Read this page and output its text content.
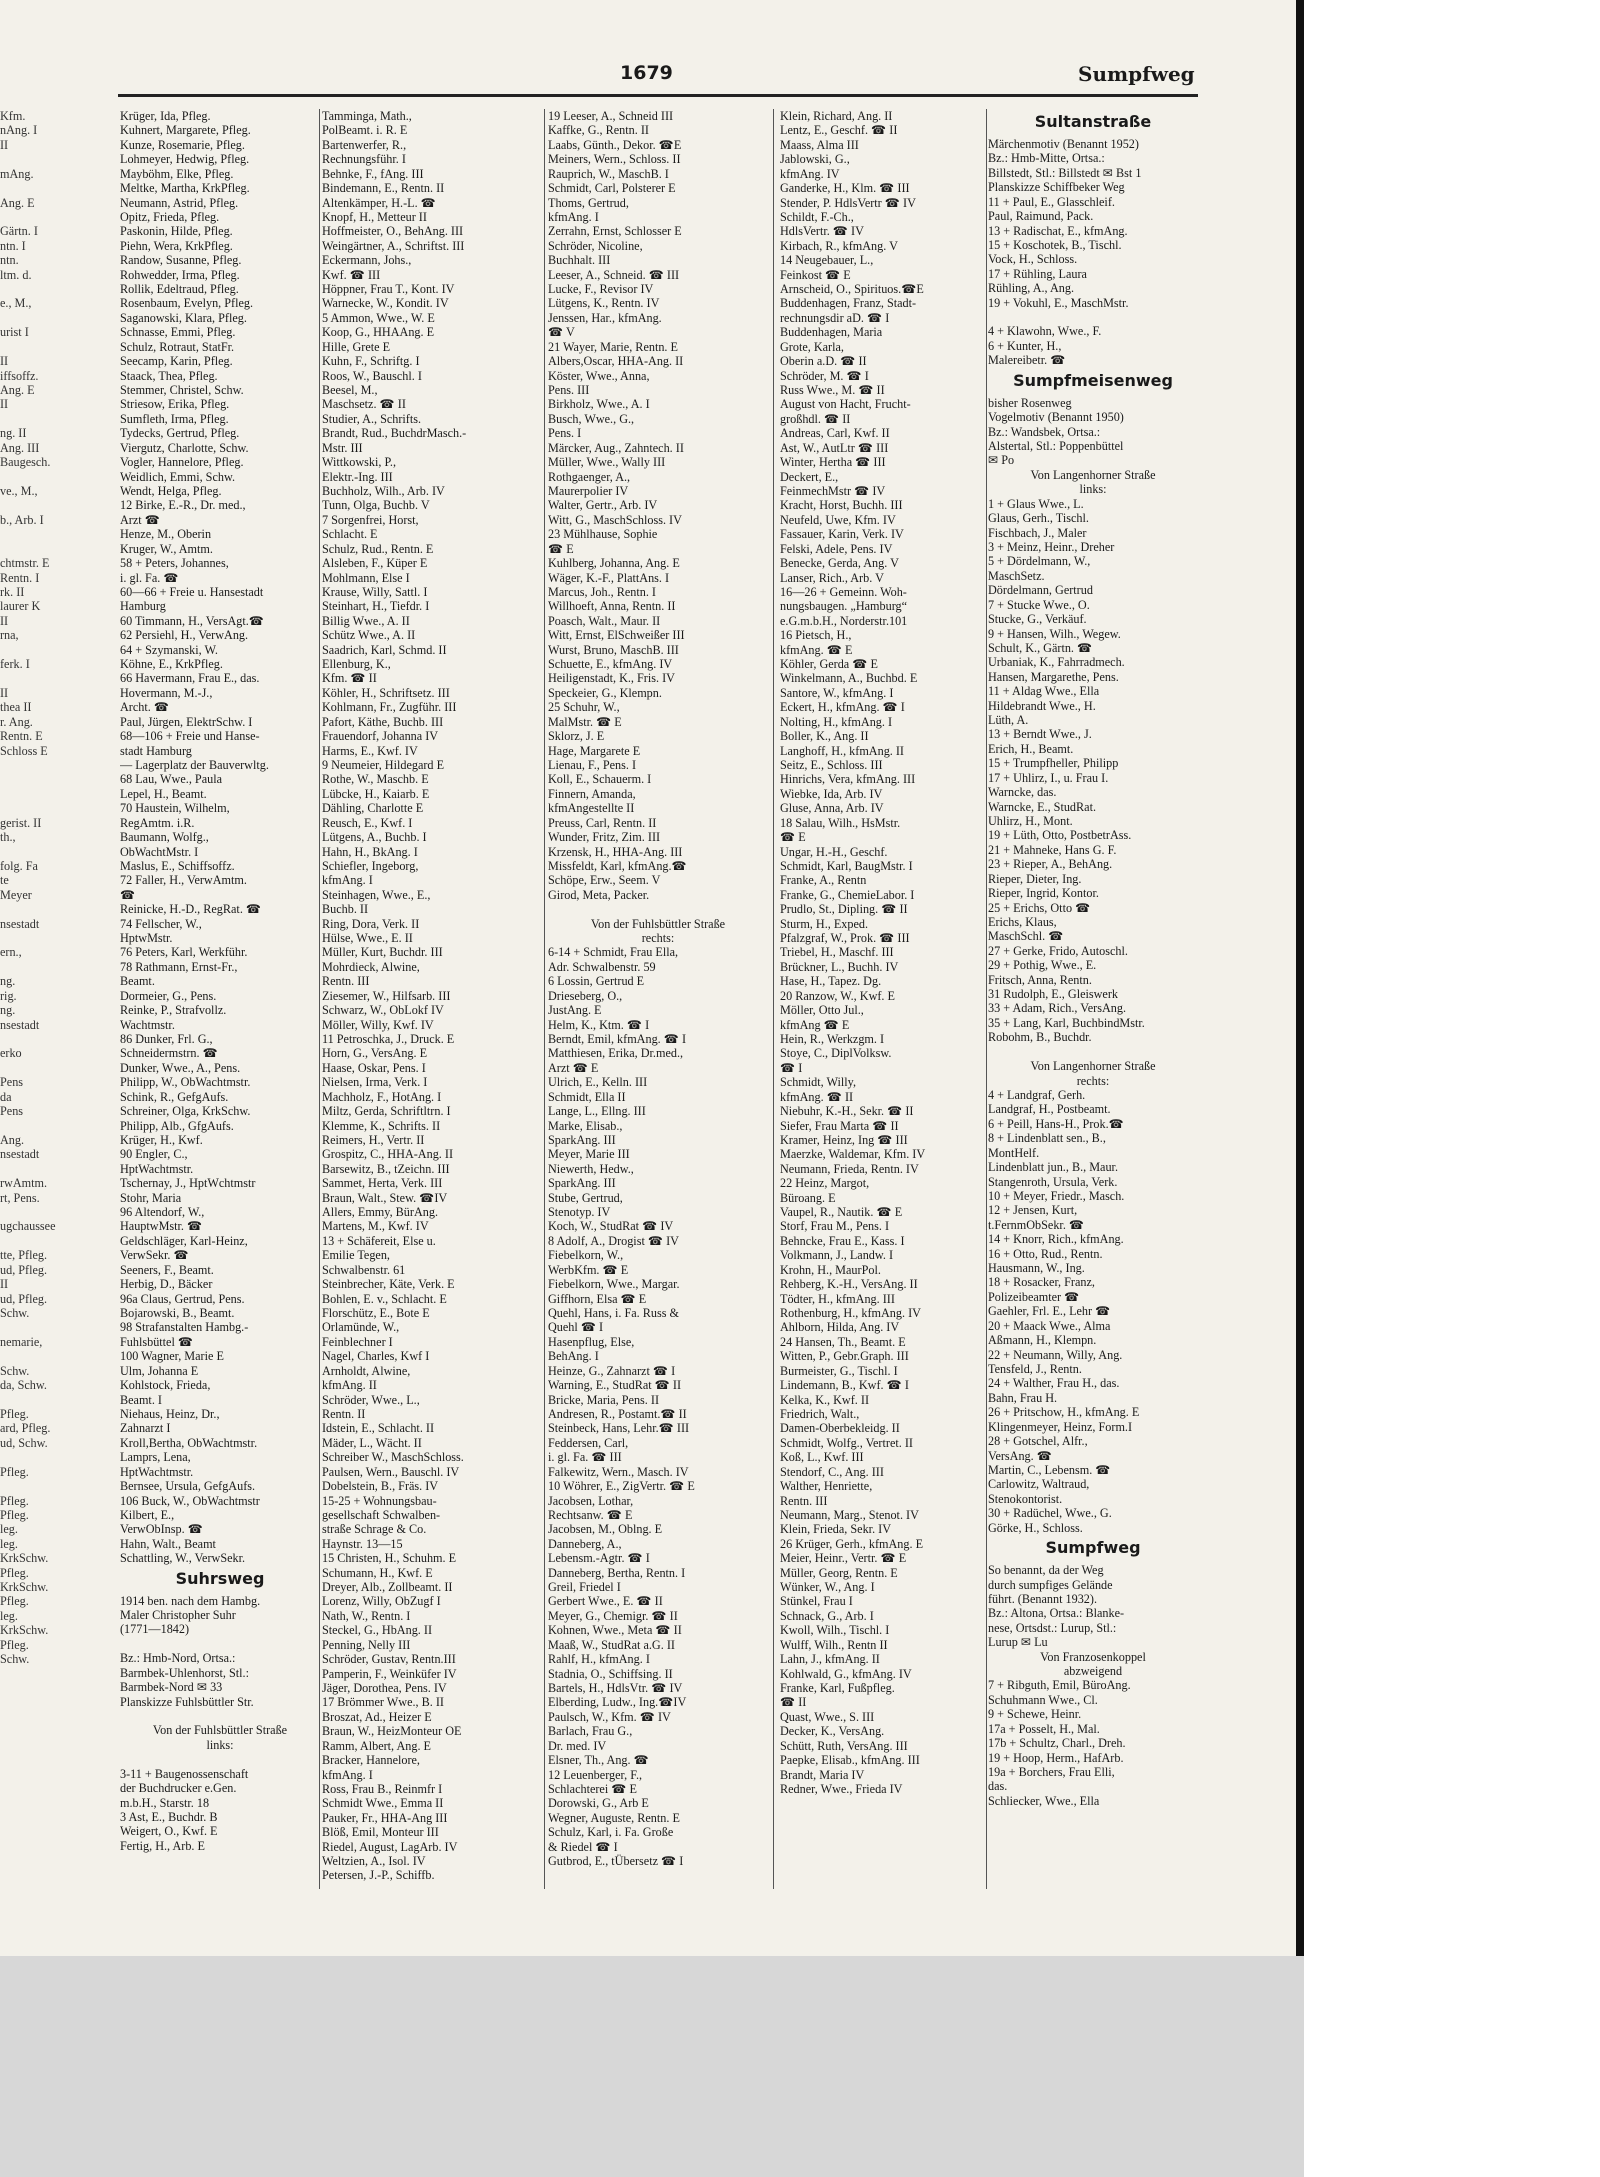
1679	Sumpfweg
Kfm.
nAng. I
II

mAng.

Ang. E

Gärtn. I
ntn. I
ntn.
ltm. d.

e., M.,

urist I

II
iffsoffz.
Ang. E
II

ng. II
Ang. III
Baugesch.

ve., M.,

b., Arb. I

chtmstr. E
Rentn. I
rk. II
laurer K
II
rna,

ferk. I

II
thea II
r. Ang.
Rentn. E
Schloss E

gerist. II
th.,

folg. Fa
te
Meyer

nsestadt

ern.,

ng.
rig.
ng.
nsestadt

erko

Pens
da
Pens

Ang.
nsestadt

rwAmtm.
rt, Pens.

ugchaussee

tte, Pfleg.
ud, Pfleg.
II
ud, Pfleg.
Schw.

nemarie,

Schw.
da, Schw.

Pfleg.
ard, Pfleg.
ud, Schw.

Pfleg.

Pfleg.
Pfleg.
leg.
leg.
KrkSchw.
Pfleg.
KrkSchw.
Pfleg.
leg.
KrkSchw.
Pfleg.
Schw.
Krüger, Ida, Pfleg.
Kuhnert, Margarete, Pfleg.
Kunze, Rosemarie, Pfleg.
Lohmeyer, Hedwig, Pfleg.
Mayböhm, Elke, Pfleg.
Meltke, Martha, KrkPfleg.
Neumann, Astrid, Pfleg.
Opitz, Frieda, Pfleg.
Paskonin, Hilde, Pfleg.
Piehn, Wera, KrkPfleg.
Randow, Susanne, Pfleg.
Rohwedder, Irma, Pfleg.
Rollik, Edeltraud, Pfleg.
Rosenbaum, Evelyn, Pfleg.
Saganowski, Klara, Pfleg.
Schnasse, Emmi, Pfleg.
Schulz, Rotraut, StatFr.
Seecamp, Karin, Pfleg.
Staack, Thea, Pfleg.
Stemmer, Christel, Schw.
Striesow, Erika, Pfleg.
Sumfleth, Irma, Pfleg.
Tydecks, Gertrud, Pfleg.
Viergutz, Charlotte, Schw.
Vogler, Hannelore, Pfleg.
Weidlich, Emmi, Schw.
Wendt, Helga, Pfleg.
12 Birke, E.-R., Dr. med.,
Arzt ☎
Henze, M., Oberin
Kruger, W., Amtm.
58 + Peters, Johannes,
i. gl. Fa. ☎
60—66 + Freie u. Hansestadt
Hamburg
60 Timmann, H., VersAgt.☎
62 Persiehl, H., VerwAng.
64 + Szymanski, W.
Köhne, E., KrkPfleg.
66 Havermann, Frau E., das.
Hovermann, M.-J.,
Archt. ☎
Paul, Jürgen, ElektrSchw. I
68—106 + Freie und Hanse-
stadt Hamburg
— Lagerplatz der Bauverwltg.
68 Lau, Wwe., Paula
Lepel, H., Beamt.
70 Haustein, Wilhelm,
RegAmtm. i.R.
Baumann, Wolfg.,
ObWachtMstr. I
Maslus, E., Schiffsoffz.
72 Faller, H., VerwAmtm.
☎
Reinicke, H.-D., RegRat. ☎
74 Fellscher, W.,
HptwMstr.
76 Peters, Karl, Werkführ.
78 Rathmann, Ernst-Fr.,
Beamt.
Dormeier, G., Pens.
Reinke, P., Strafvollz.
Wachtmstr.
86 Dunker, Frl. G.,
Schneidermstrn. ☎
Dunker, Wwe., A., Pens.
Philipp, W., ObWachtmstr.
Schink, R., GefgAufs.
Schreiner, Olga, KrkSchw.
Philipp, Alb., GfgAufs.
Krüger, H., Kwf.
90 Engler, C.,
HptWachtmstr.
Tschernay, J., HptWchtmstr
Stohr, Maria
96 Altendorf, W.,
HauptwMstr. ☎
Geldschläger, Karl-Heinz,
VerwSekr. ☎
Seeners, F., Beamt.
Herbig, D., Bäcker
96a Claus, Gertrud, Pens.
Bojarowski, B., Beamt.
98 Strafanstalten Hambg.-
Fuhlsbüttel ☎
100 Wagner, Marie E
Ulm, Johanna E
Kohlstock, Frieda,
Beamt. I
Niehaus, Heinz, Dr.,
Zahnarzt I
Kroll,Bertha, ObWachtmstr.
Lamprs, Lena,
HptWachtmstr.
Bernsee, Ursula, GefgAufs.
106 Buck, W., ObWachtmstr
Kilbert, E.,
VerwObInsp. ☎
Hahn, Walt., Beamt
Schattling, W., VerwSekr.
Suhrsweg
1914 ben. nach dem Hambg.
Maler Christopher Suhr
(1771—1842)

Bz.: Hmb-Nord, Ortsa.:
Barmbek-Uhlenhorst, Stl.:
Barmbek-Nord ✉ 33
Planskizze Fuhlsbüttler Str.

Von der Fuhlsbüttler Straße
links:

3-11 + Baugenossenschaft
der Buchdrucker e.Gen.
m.b.H., Starstr. 18
3 Ast, E., Buchdr. B
Weigert, O., Kwf. E
Fertig, H., Arb. E
Tamminga, Math.,
PolBeamt. i. R. E
Bartenwerfer, R.,
Rechnungsführ. I
Behnke, F., fAng. III
Bindemann, E., Rentn. II
Altenkämper, H.-L. ☎
Knopf, H., Metteur II
Hoffmeister, O., BehAng. III
Weingärtner, A., Schriftst. III
Eckermann, Johs.,
Kwf. ☎ III
Höppner, Frau T., Kont. IV
Warnecke, W., Kondit. IV
5 Ammon, Wwe., W. E
Koop, G., HHAAng. E
Hille, Grete E
Kuhn, F., Schriftg. I
Roos, W., Bauschl. I
Beesel, M.,
Maschsetz. ☎ II
Studier, A., Schrifts.
Brandt, Rud., BuchdrMasch.-
Mstr. III
Wittkowski, P.,
Elektr.-Ing. III
Buchholz, Wilh., Arb. IV
Tunn, Olga, Buchb. V
7 Sorgenfrei, Horst,
Schlacht. E
Schulz, Rud., Rentn. E
Alsleben, F., Küper E
Mohlmann, Else I
Krause, Willy, Sattl. I
Steinhart, H., Tiefdr. I
Billig Wwe., A. II
Schütz Wwe., A. II
Saadrich, Karl, Schmd. II
Ellenburg, K.,
Kfm. ☎ II
Köhler, H., Schriftsetz. III
Kohlmann, Fr., Zugführ. III
Pafort, Käthe, Buchb. III
Frauendorf, Johanna IV
Harms, E., Kwf. IV
9 Neumeier, Hildegard E
Rothe, W., Maschb. E
Lübcke, H., Kaiarb. E
Dähling, Charlotte E
Reusch, E., Kwf. I
Lütgens, A., Buchb. I
Hahn, H., BkAng. I
Schiefler, Ingeborg,
kfmAng. I
Steinhagen, Wwe., E.,
Buchb. II
Ring, Dora, Verk. II
Hülse, Wwe., E. II
Müller, Kurt, Buchdr. III
Mohrdieck, Alwine,
Rentn. III
Ziesemer, W., Hilfsarb. III
Schwarz, W., ObLokf IV
Möller, Willy, Kwf. IV
11 Petroschka, J., Druck. E
Horn, G., VersAng. E
Haase, Oskar, Pens. I
Nielsen, Irma, Verk. I
Machholz, F., HotAng. I
Miltz, Gerda, Schriftltrn. I
Klemme, K., Schrifts. II
Reimers, H., Vertr. II
Grospitz, C., HHA-Ang. II
Barsewitz, B., tZeichn. III
Sammet, Herta, Verk. III
Braun, Walt., Stew. ☎IV
Allers, Emmy, BürAng.
Martens, M., Kwf. IV
13 + Schäfereit, Else u.
Emilie Tegen,
Schwalbenstr. 61
Steinbrecher, Käte, Verk. E
Bohlen, E. v., Schlacht. E
Florschütz, E., Bote E
Orlamünde, W.,
Feinblechner I
Nagel, Charles, Kwf I
Arnholdt, Alwine,
kfmAng. II
Schröder, Wwe., L.,
Rentn. II
Idstein, E., Schlacht. II
Mäder, L., Wächt. II
Schreiber W., MaschSchloss.
Paulsen, Wern., Bauschl. IV
Dobelstein, B., Fräs. IV
15-25 + Wohnungsbau-
gesellschaft Schwalben-
straße Schrage & Co.
Haynstr. 13—15
15 Christen, H., Schuhm. E
Schumann, H., Kwf. E
Dreyer, Alb., Zollbeamt. II
Lorenz, Willy, ObZugf I
Nath, W., Rentn. I
Steckel, G., HbAng. II
Penning, Nelly III
Schröder, Gustav, Rentn.III
Pamperin, F., Weinküfer IV
Jäger, Dorothea, Pens. IV
17 Brömmer Wwe., B. II
Broszat, Ad., Heizer E
Braun, W., HeizMonteur OE
Ramm, Albert, Ang. E
Bracker, Hannelore,
kfmAng. I
Ross, Frau B., Reinmfr I
Schmidt Wwe., Emma II
Pauker, Fr., HHA-Ang III
Blöß, Emil, Monteur III
Riedel, August, LagArb. IV
Weltzien, A., Isol. IV
Petersen, J.-P., Schiffb.
19 Leeser, A., Schneid III
Kaffke, G., Rentn. II
Laabs, Günth., Dekor. ☎E
Meiners, Wern., Schloss. II
Rauprich, W., MaschB. I
Schmidt, Carl, Polsterer E
Thoms, Gertrud,
kfmAng. I
Zerrahn, Ernst, Schlosser E
Schröder, Nicoline,
Buchhalt. III
Leeser, A., Schneid. ☎ III
Lucke, F., Revisor IV
Lütgens, K., Rentn. IV
Jenssen, Har., kfmAng.
☎ V
21 Wayer, Marie, Rentn. E
Albers,Oscar, HHA-Ang. II
Köster, Wwe., Anna,
Pens. III
Birkholz, Wwe., A. I
Busch, Wwe., G.,
Pens. I
Märcker, Aug., Zahntech. II
Müller, Wwe., Wally III
Rothgaenger, A.,
Maurerpolier IV
Walter, Gertr., Arb. IV
Witt, G., MaschSchloss. IV
23 Mühlhause, Sophie
☎ E
Kuhlberg, Johanna, Ang. E
Wäger, K.-F., PlattAns. I
Marcus, Joh., Rentn. I
Willhoeft, Anna, Rentn. II
Poasch, Walt., Maur. II
Witt, Ernst, ElSchweißer III
Wurst, Bruno, MaschB. III
Schuette, E., kfmAng. IV
Heiligenstadt, K., Fris. IV
Speckeier, G., Klempn.
25 Schuhr, W.,
MalMstr. ☎ E
Sklorz, J. E
Hage, Margarete E
Lienau, F., Pens. I
Koll, E., Schauerm. I
Finnern, Amanda,
kfmAngestellte II
Preuss, Carl, Rentn. II
Wunder, Fritz, Zim. III
Krzensk, H., HHA-Ang. III
Missfeldt, Karl, kfmAng.☎
Schöpe, Erw., Seem. V
Girod, Meta, Packer.

Von der Fuhlsbüttler Straße
rechts:
6-14 + Schmidt, Frau Ella,
Adr. Schwalbenstr. 59
6 Lossin, Gertrud E
Drieseberg, O.,
JustAng. E
Helm, K., Ktm. ☎ I
Berndt, Emil, kfmAng. ☎ I
Matthiesen, Erika, Dr.med.,
Arzt ☎ E
Ulrich, E., Kelln. III
Schmidt, Ella II
Lange, L., Ellng. III
Marke, Elisab.,
SparkAng. III
Meyer, Marie III
Niewerth, Hedw.,
SparkAng. III
Stube, Gertrud,
Stenotyp. IV
Koch, W., StudRat ☎ IV
8 Adolf, A., Drogist ☎ IV
Fiebelkorn, W.,
WerbKfm. ☎ E
Fiebelkorn, Wwe., Margar.
Giffhorn, Elsa ☎ E
Quehl, Hans, i. Fa. Russ &
Quehl ☎ I
Hasenpflug, Else,
BehAng. I
Heinze, G., Zahnarzt ☎ I
Warning, E., StudRat ☎ II
Bricke, Maria, Pens. II
Andresen, R., Postamt.☎ II
Steinbeck, Hans, Lehr.☎ III
Feddersen, Carl,
i. gl. Fa. ☎ III
Falkewitz, Wern., Masch. IV
10 Wöhrer, E., ZigVertr. ☎ E
Jacobsen, Lothar,
Rechtsanw. ☎ E
Jacobsen, M., Oblng. E
Danneberg, A.,
Lebensm.-Agtr. ☎ I
Danneberg, Bertha, Rentn. I
Greil, Friedel I
Gerbert Wwe., E. ☎ II
Meyer, G., Chemigr. ☎ II
Kohnen, Wwe., Meta ☎ II
Maaß, W., StudRat a.G. II
Rahlf, H., kfmAng. I
Stadnia, O., Schiffsing. II
Bartels, H., HdlsVtr. ☎ IV
Elberding, Ludw., Ing.☎IV
Paulsch, W., Kfm. ☎ IV
Barlach, Frau G.,
Dr. med. IV
Elsner, Th., Ang. ☎
12 Leuenberger, F.,
Schlachterei ☎ E
Dorowski, G., Arb E
Wegner, Auguste, Rentn. E
Schulz, Karl, i. Fa. Große
& Riedel ☎ I
Gutbrod, E., tÜbersetz ☎ I
Klein, Richard, Ang. II
Lentz, E., Geschf. ☎ II
Maass, Alma III
Jablowski, G.,
kfmAng. IV
Ganderke, H., Klm. ☎ III
Stender, P. HdlsVertr ☎ IV
Schildt, F.-Ch.,
HdlsVertr. ☎ IV
Kirbach, R., kfmAng. V
14 Neugebauer, L.,
Feinkost ☎ E
Arnscheid, O., Spirituos.☎E
Buddenhagen, Franz, Stadt-
rechnungsdir aD. ☎ I
Buddenhagen, Maria
Grote, Karla,
Oberin a.D. ☎ II
Schröder, M. ☎ I
Russ Wwe., M. ☎ II
August von Hacht, Frucht-
großhdl. ☎ II
Andreas, Carl, Kwf. II
Ast, W., AutLtr ☎ III
Winter, Hertha ☎ III
Deckert, E.,
FeinmechMstr ☎ IV
Kracht, Horst, Buchh. III
Neufeld, Uwe, Kfm. IV
Fassauer, Karin, Verk. IV
Felski, Adele, Pens. IV
Benecke, Gerda, Ang. V
Lanser, Rich., Arb. V
16—26 + Gemeinn. Woh-
nungsbaugen. „Hamburg“
e.G.m.b.H., Norderstr.101
16 Pietsch, H.,
kfmAng. ☎ E
Köhler, Gerda ☎ E
Winkelmann, A., Buchbd. E
Santore, W., kfmAng. I
Eckert, H., kfmAng. ☎ I
Nolting, H., kfmAng. I
Boller, K., Ang. II
Langhoff, H., kfmAng. II
Seitz, E., Schloss. III
Hinrichs, Vera, kfmAng. III
Wiebke, Ida, Arb. IV
Gluse, Anna, Arb. IV
18 Salau, Wilh., HsMstr.
☎ E
Ungar, H.-H., Geschf.
Schmidt, Karl, BaugMstr. I
Franke, A., Rentn
Franke, G., ChemieLabor. I
Prudlo, St., Dipling. ☎ II
Sturm, H., Exped.
Pfalzgraf, W., Prok. ☎ III
Triebel, H., Maschf. III
Brückner, L., Buchh. IV
Hase, H., Tapez. Dg.
20 Ranzow, W., Kwf. E
Möller, Otto Jul.,
kfmAng ☎ E
Hein, R., Werkzgm. I
Stoye, C., DiplVolksw.
☎ I
Schmidt, Willy,
kfmAng. ☎ II
Niebuhr, K.-H., Sekr. ☎ II
Siefer, Frau Marta ☎ II
Kramer, Heinz, Ing ☎ III
Maerzke, Waldemar, Kfm. IV
Neumann, Frieda, Rentn. IV
22 Heinz, Margot,
Büroang. E
Vaupel, R., Nautik. ☎ E
Storf, Frau M., Pens. I
Behncke, Frau E., Kass. I
Volkmann, J., Landw. I
Krohn, H., MaurPol.
Rehberg, K.-H., VersAng. II
Tödter, H., kfmAng. III
Rothenburg, H., kfmAng. IV
Ahlborn, Hilda, Ang. IV
24 Hansen, Th., Beamt. E
Witten, P., Gebr.Graph. III
Burmeister, G., Tischl. I
Lindemann, B., Kwf. ☎ I
Kelka, K., Kwf. II
Friedrich, Walt.,
Damen-Oberbekleidg. II
Schmidt, Wolfg., Vertret. II
Koß, L., Kwf. III
Stendorf, C., Ang. III
Walther, Henriette,
Rentn. III
Neumann, Marg., Stenot. IV
Klein, Frieda, Sekr. IV
26 Krüger, Gerh., kfmAng. E
Meier, Heinr., Vertr. ☎ E
Müller, Georg, Rentn. E
Wünker, W., Ang. I
Stünkel, Frau I
Schnack, G., Arb. I
Kwoll, Wilh., Tischl. I
Wulff, Wilh., Rentn II
Lahn, J., kfmAng. II
Kohlwald, G., kfmAng. IV
Franke, Karl, Fußpfleg.
☎ II
Quast, Wwe., S. III
Decker, K., VersAng.
Schütt, Ruth, VersAng. III
Paepke, Elisab., kfmAng. III
Brandt, Maria IV
Redner, Wwe., Frieda IV
Sultanstraße
Märchenmotiv (Benannt 1952)
Bz.: Hmb-Mitte, Ortsa.:
Billstedt, Stl.: Billstedt ✉ Bst 1
Planskizze Schiffbeker Weg
11 + Paul, E., Glasschleif.
Paul, Raimund, Pack.
13 + Radischat, E., kfmAng.
15 + Koschotek, B., Tischl.
Vock, H., Schloss.
17 + Rühling, Laura
Rühling, A., Ang.
19 + Vokuhl, E., MaschMstr.

4 + Klawohn, Wwe., F.
6 + Kunter, H.,
Malereibetr. ☎
Sumpfmeisenweg
bisher Rosenweg
Vogelmotiv (Benannt 1950)
Bz.: Wandsbek, Ortsa.:
Alstertal, Stl.: Poppenbüttel
✉ Po
Von Langenhorner Straße
links:
1 + Glaus Wwe., L.
Glaus, Gerh., Tischl.
Fischbach, J., Maler
3 + Meinz, Heinr., Dreher
5 + Dördelmann, W.,
MaschSetz.
Dördelmann, Gertrud
7 + Stucke Wwe., O.
Stucke, G., Verkäuf.
9 + Hansen, Wilh., Wegew.
Schult, K., Gärtn. ☎
Urbaniak, K., Fahrradmech.
Hansen, Margarethe, Pens.
11 + Aldag Wwe., Ella
Hildebrandt Wwe., H.
Lüth, A.
13 + Berndt Wwe., J.
Erich, H., Beamt.
15 + Trumpfheller, Philipp
17 + Uhlirz, I., u. Frau I.
Warncke, das.
Warncke, E., StudRat.
Uhlirz, H., Mont.
19 + Lüth, Otto, PostbetrAss.
21 + Mahneke, Hans G. F.
23 + Rieper, A., BehAng.
Rieper, Dieter, Ing.
Rieper, Ingrid, Kontor.
25 + Erichs, Otto ☎
Erichs, Klaus,
MaschSchl. ☎
27 + Gerke, Frido, Autoschl.
29 + Pothig, Wwe., E.
Fritsch, Anna, Rentn.
31 Rudolph, E., Gleiswerk
33 + Adam, Rich., VersAng.
35 + Lang, Karl, BuchbindMstr.
Robohm, B., Buchdr.

Von Langenhorner Straße
rechts:
4 + Landgraf, Gerh.
Landgraf, H., Postbeamt.
6 + Peill, Hans-H., Prok.☎
8 + Lindenblatt sen., B.,
MontHelf.
Lindenblatt jun., B., Maur.
Stangenroth, Ursula, Verk.
10 + Meyer, Friedr., Masch.
12 + Jensen, Kurt,
t.FernmObSekr. ☎
14 + Knorr, Rich., kfmAng.
16 + Otto, Rud., Rentn.
Hausmann, W., Ing.
18 + Rosacker, Franz,
Polizeibeamter ☎
Gaehler, Frl. E., Lehr ☎
20 + Maack Wwe., Alma
Aßmann, H., Klempn.
22 + Neumann, Willy, Ang.
Tensfeld, J., Rentn.
24 + Walther, Frau H., das.
Bahn, Frau H.
26 + Pritschow, H., kfmAng. E
Klingenmeyer, Heinz, Form.I
28 + Gotschel, Alfr.,
VersAng. ☎
Martin, C., Lebensm. ☎
Carlowitz, Waltraud,
Stenokontorist.
30 + Radüchel, Wwe., G.
Görke, H., Schloss.
Sumpfweg
So benannt, da der Weg
durch sumpfiges Gelände
führt. (Benannt 1932).
Bz.: Altona, Ortsa.: Blanke-
nese, Ortsdst.: Lurup, Stl.:
Lurup ✉ Lu
Von Franzosenkoppel
abzweigend
7 + Ribguth, Emil, BüroAng.
Schuhmann Wwe., Cl.
9 + Schewe, Heinr.
17a + Posselt, H., Mal.
17b + Schultz, Charl., Dreh.
19 + Hoop, Herm., HafArb.
19a + Borchers, Frau Elli,
das.
Schliecker, Wwe., Ella
